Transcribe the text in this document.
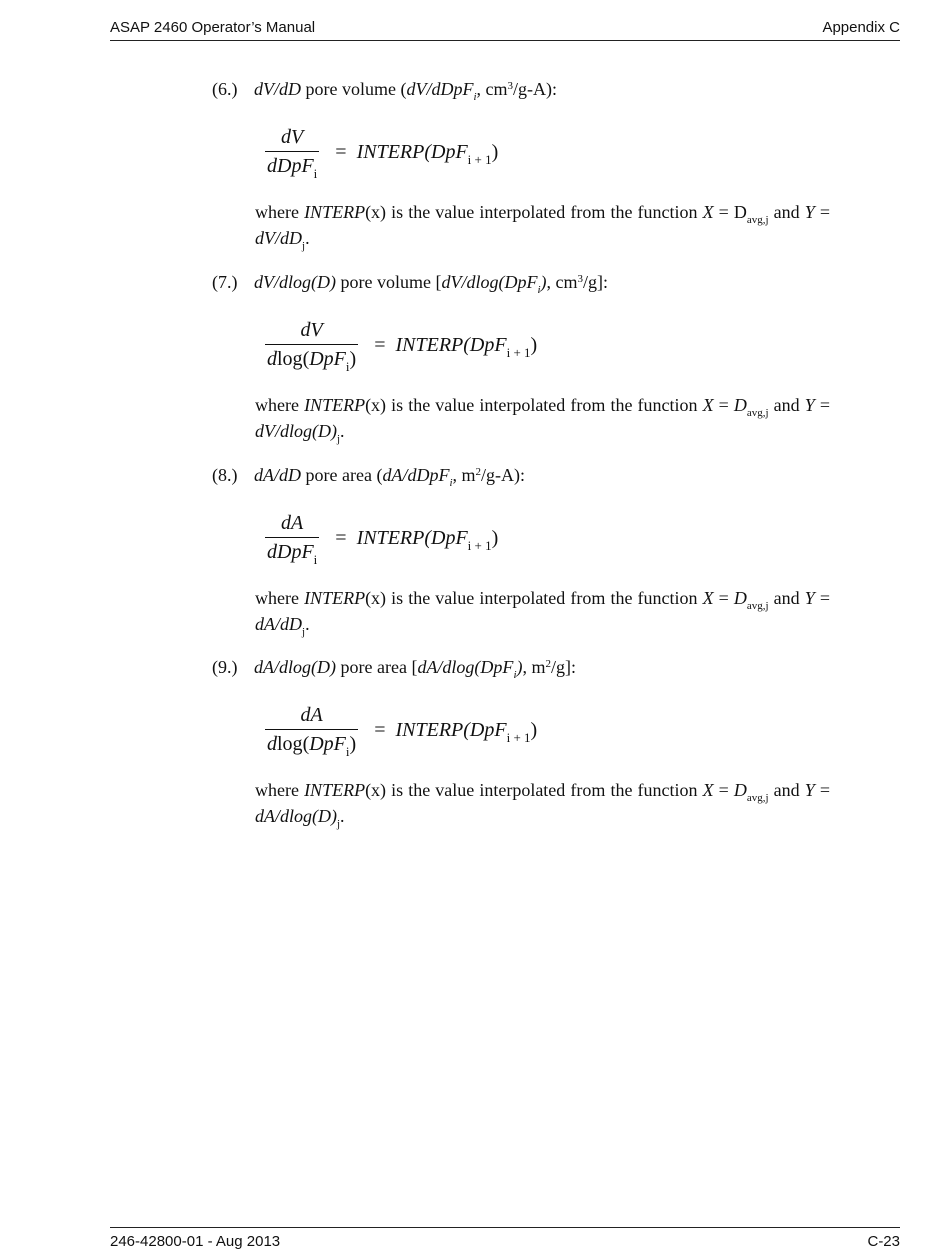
ASAP 2460 Operator’s Manual	Appendix C
(6.) dV/dD pore volume (dV/dDpF$_i$, $cm^3/g-A$):
$\frac{dV}{dDpF_i}$ = INTERP(DpF$_{i + 1}$)
where INTERP(x) is the value interpolated from the function $X = D_{avg,j}$ and $Y = dV/dD_j$.
(7.) dV/dlog(D) pore volume [dV/dlog(DpF$_i$), $cm^3/g$]:
$\frac{dV}{dlog(DpF_i)}$ = INTERP(DpF$_{i + 1}$)
where INTERP(x) is the value interpolated from the function $X = D_{avg,j}$ and $Y = dV/dlog(D)_j$.
(8.) dA/dD pore area (dA/dDpF$_i$, $m^2/g-A$):
$\frac{dA}{dDpF_i}$ = INTERP(DpF$_{i + 1}$)
where INTERP(x) is the value interpolated from the function $X = D_{avg,j}$ and $Y = dA/dD_j$.
(9.) dA/dlog(D) pore area [dA/dlog(DpF$_i$), $m^2/g$]:
$\frac{dA}{dlog(DpF_i)}$ = INTERP(DpF$_{i + 1}$)
where INTERP(x) is the value interpolated from the function $X = D_{avg,j}$ and $Y = dA/dlog(D)_j$.
246-42800-01 - Aug 2013	C-23
